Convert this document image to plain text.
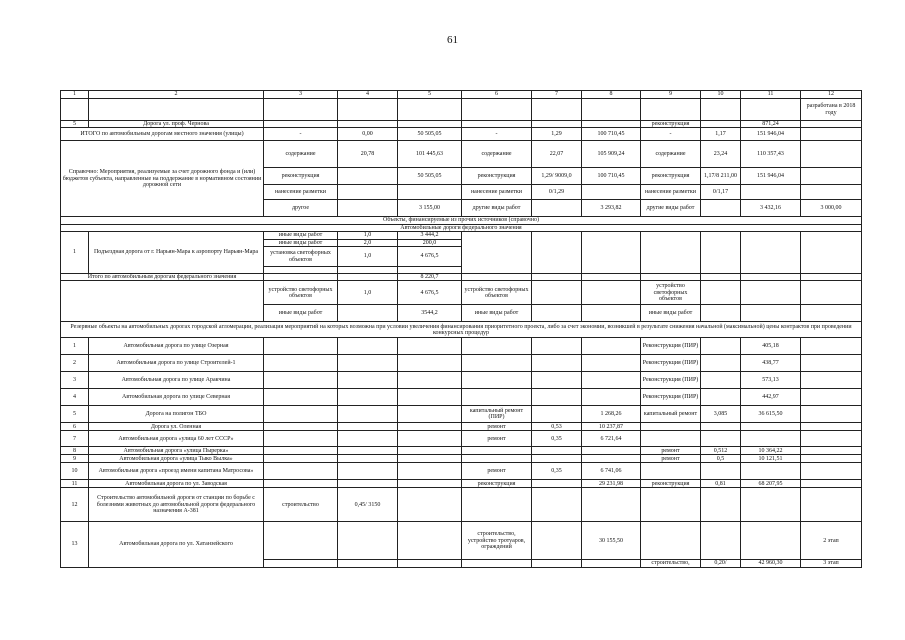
61
1	2	3	4	5	6	7	8	9	10	11	12
											разработана в 2018 году
5	Дорога ул. проф. Чернова							реконструкция		871,24	
ИТОГО по автомобильным дорогам местного значения (улицы)		-	0,00	50 505,05	-	1,29	100 710,45	-	1,17	151 946,04	
Справочно: Мероприятия, реализуемые за счет дорожного фонда и (или) бюджетов субъекта, направленные на поддержание в нормативном состоянии дорожной сети		содержание	20,78	101 445,63	содержание	22,07	105 909,24	содержание	23,24	110 357,43	
		реконструкция		50 505,05	реконструкция	1,29/ 9009,0	100 710,45	реконструкция	1,17/8 211,00	151 946,04	
		нанесение разметки			нанесение разметки	0/1,29		нанесение разметки	0/1,17		
		другое		3 155,00	другие виды работ		3 293,82	другие виды работ		3 432,16	3 000,00
Объекты, финансируемые из прочих источников (справочно)											
Автомобильные дороги федерального значения											
1	Подъездная дорога от г. Нарьян-Мара к аэропорту Нарьян-Мара	иные виды работ	1,0	3 444,2							
		иные виды работ	2,0	200,0							
		установка светофорных объектов	1,0	4 676,5							

Итого по автомобильным дорогам федерального значения				8 220,7							
		устройство светофорных объектов	1,0	4 676,5	устройство светофорных объектов			устройство светофорных объектов			
		иные виды работ		3544,2	иные виды работ			иные виды работ			
Резервные объекты на автомобильных дорогах городской агломерации, реализация мероприятий на которых возможна при условии увеличения финансирования приоритетного проекта, либо за счет экономии, возникшей в результате снижения начальной (максимальной) цены контрактов при проведении конкурсных процедур											
1	Автомобильная дорога по улице Озерная							Реконструкция (ПИР)		405,18	
2	Автомобильная дорога по улице Строителей-1							Реконструкция (ПИР)		438,77	
3	Автомобильная дорога по улице Аракчина							Реконструкция (ПИР)		573,13	
4	Автомобильная дорога по улице Северная							Реконструкция (ПИР)		442,97	
5	Дорога на полигон ТБО				капитальный ремонт (ПИР)		1 268,26	капитальный ремонт	3,085	36 615,50	
6	Дорога ул. Оленная				ремонт	0,53	10 237,87				
7	Автомобильная дорога «улица 60 лет СССР»				ремонт	0,35	6 721,64				
8	Автомобильная дорога «улица Пырерка»							ремонт	0,512	10 364,22	
9	Автомобильная дорога «улица Тыко Вылка»							ремонт	0,5	10 121,51	
10	Автомобильная дорога «проезд имени капитана Матросова»				ремонт	0,35	6 741,06				
11	Автомобильная дорога по ул. Заводская				реконструкция		29 231,98	реконструкция	0,81	68 207,95	
12	Строительство автомобильной дороги от станции по борьбе с болезнями животных до автомобильной дороги федерального назначения А-381	строительство	0,45/ 3150								
13	Автомобильная дорога по ул. Хатанзейского				строительство, устройство тротуаров, ограждений		30 155,50				2 этап
								строительство,	0,20/	42 960,30	3 этап
